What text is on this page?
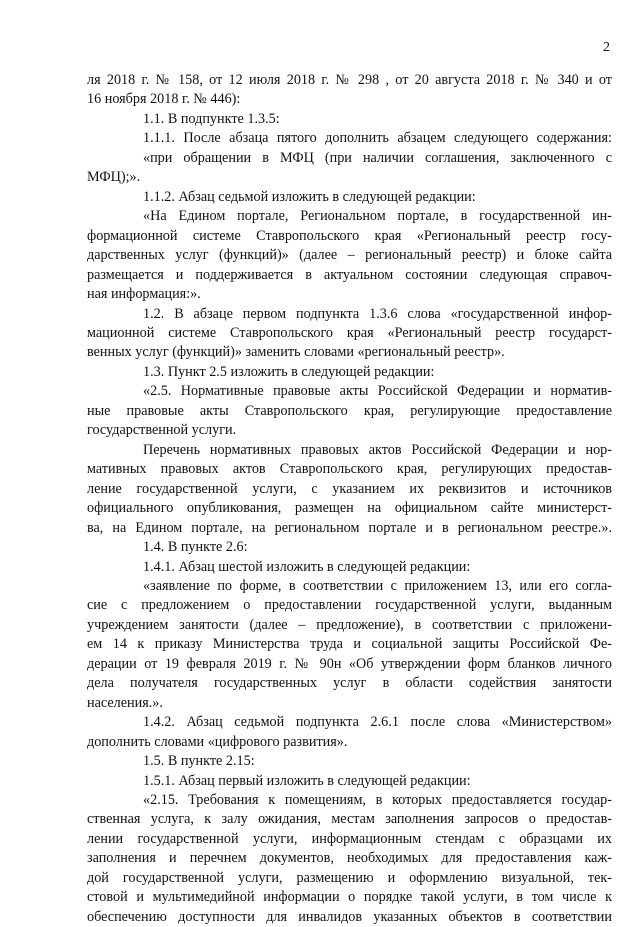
2
ля 2018 г. № 158, от 12 июля 2018 г. № 298 , от 20 августа 2018 г. № 340 и от
16 ноября 2018 г. № 446):
1.1. В подпункте 1.3.5:
1.1.1. После абзаца пятого дополнить абзацем следующего содержания:
«при обращении в МФЦ (при наличии соглашения, заключенного с
МФЦ);».
1.1.2. Абзац седьмой изложить в следующей редакции:
«На Едином портале, Региональном портале, в государственной ин-
формационной системе Ставропольского края «Региональный реестр госу-
дарственных услуг (функций)» (далее – региональный реестр) и блоке сайта
размещается и поддерживается в актуальном состоянии следующая справоч-
ная информация:».
1.2. В абзаце первом подпункта 1.3.6 слова «государственной инфор-
мационной системе Ставропольского края «Региональный реестр государст-
венных услуг (функций)» заменить словами «региональный реестр».
1.3. Пункт 2.5 изложить в следующей редакции:
«2.5. Нормативные правовые акты Российской Федерации и норматив-
ные правовые акты Ставропольского края, регулирующие предоставление
государственной услуги.
Перечень нормативных правовых актов Российской Федерации и нор-
мативных правовых актов Ставропольского края, регулирующих предостав-
ление государственной услуги, с указанием их реквизитов и источников
официального опубликования, размещен на официальном сайте министерст-
ва, на Едином портале, на региональном портале и в региональном реестре.».
1.4. В пункте 2.6:
1.4.1. Абзац шестой изложить в следующей редакции:
«заявление по форме, в соответствии с приложением 13, или его согла-
сие с предложением о предоставлении государственной услуги, выданным
учреждением занятости (далее – предложение), в соответствии с приложени-
ем 14 к приказу Министерства труда и социальной защиты Российской Фе-
дерации от 19 февраля 2019 г. № 90н «Об утверждении форм бланков личного
дела получателя государственных услуг в области содействия занятости
населения.».
1.4.2. Абзац седьмой подпункта 2.6.1 после слова «Министерством»
дополнить словами «цифрового развития».
1.5. В пункте 2.15:
1.5.1. Абзац первый изложить в следующей редакции:
«2.15. Требования к помещениям, в которых предоставляется государ-
ственная услуга, к залу ожидания, местам заполнения запросов о предостав-
лении государственной услуги, информационным стендам с образцами их
заполнения и перечнем документов, необходимых для предоставления каж-
дой государственной услуги, размещению и оформлению визуальной, тек-
стовой и мультимедийной информации о порядке такой услуги, в том числе к
обеспечению доступности для инвалидов указанных объектов в соответствии
